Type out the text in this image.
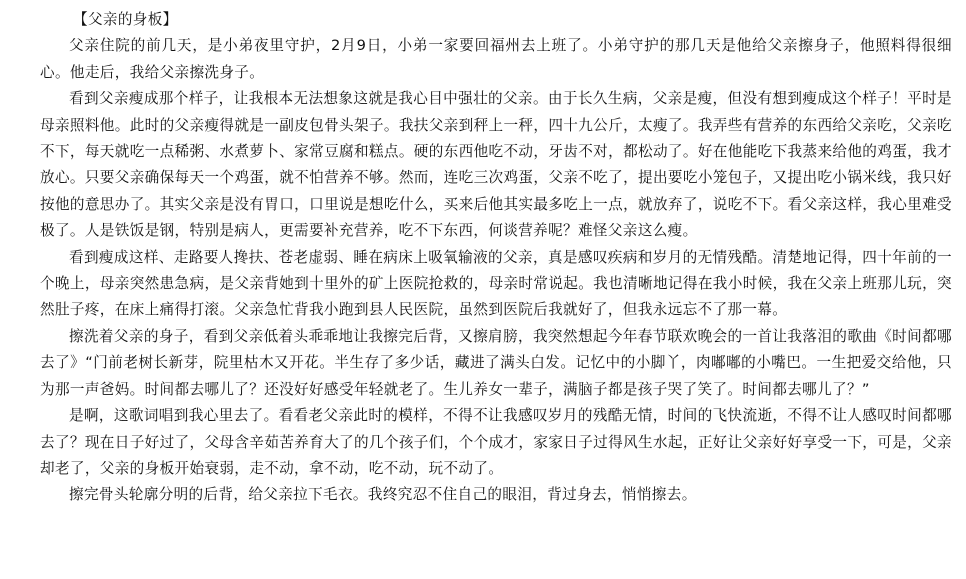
【父亲的身板】

父亲住院的前几天，是小弟夜里守护，2月9日，小弟一家要回福州去上班了。小弟守护的那几天是他给父亲擦身子，他照料得很细心。他走后，我给父亲擦洗身子。

看到父亲瘦成那个样子，让我根本无法想象这就是我心目中强壮的父亲。由于长久生病，父亲是瘦，但没有想到瘦成这个样子！平时是母亲照料他。此时的父亲瘦得就是一副皮包骨头架子。我扶父亲到秤上一秤，四十九公斤，太瘦了。我弄些有营养的东西给父亲吃，父亲吃不下，每天就吃一点稀粥、水煮萝卜、家常豆腐和糕点。硬的东西他吃不动，牙齿不对，都松动了。好在他能吃下我蒸来给他的鸡蛋，我才放心。只要父亲确保每天一个鸡蛋，就不怕营养不够。然而，连吃三次鸡蛋，父亲不吃了，提出要吃小笼包子，又提出吃小锅米线，我只好按他的意思办了。其实父亲是没有胃口，口里说是想吃什么，买来后他其实最多吃上一点，就放弃了，说吃不下。看父亲这样，我心里难受极了。人是铁饭是钢，特别是病人，更需要补充营养，吃不下东西，何谈营养呢？难怪父亲这么瘦。

看到瘦成这样、走路要人搀扶、苍老虚弱、睡在病床上吸氧输液的父亲，真是感叹疾病和岁月的无情残酷。清楚地记得，四十年前的一个晚上，母亲突然患急病，是父亲背她到十里外的矿上医院抢救的，母亲时常说起。我也清晰地记得在我小时候，我在父亲上班那儿玩，突然肚子疼，在床上痛得打滚。父亲急忙背我小跑到县人民医院，虽然到医院后我就好了，但我永远忘不了那一幕。

擦洗着父亲的身子，看到父亲低着头乖乖地让我擦完后背，又擦肩膀，我突然想起今年春节联欢晚会的一首让我落泪的歌曲《时间都哪去了》“门前老树长新芽，院里枯木又开花。半生存了多少话，藏进了满头白发。记忆中的小脚丫，肉嘟嘟的小嘴巴。一生把爱交给他，只为那一声爸妈。时间都去哪儿了？还没好好感受年轻就老了。生儿养女一辈子，满脑子都是孩子哭了笑了。时间都去哪儿了？”

是啊，这歌词唱到我心里去了。看看老父亲此时的模样，不得不让我感叹岁月的残酷无情，时间的飞快流逝，不得不让人感叹时间都哪去了？现在日子好过了，父母含辛茹苦养育大了的几个孩子们，个个成才，家家日子过得风生水起，正好让父亲好好享受一下，可是，父亲却老了，父亲的身板开始衰弱，走不动，拿不动，吃不动，玩不动了。

擦完骨头轮廓分明的后背，给父亲拉下毛衣。我终究忍不住自己的眼泪，背过身去，悄悄擦去。
